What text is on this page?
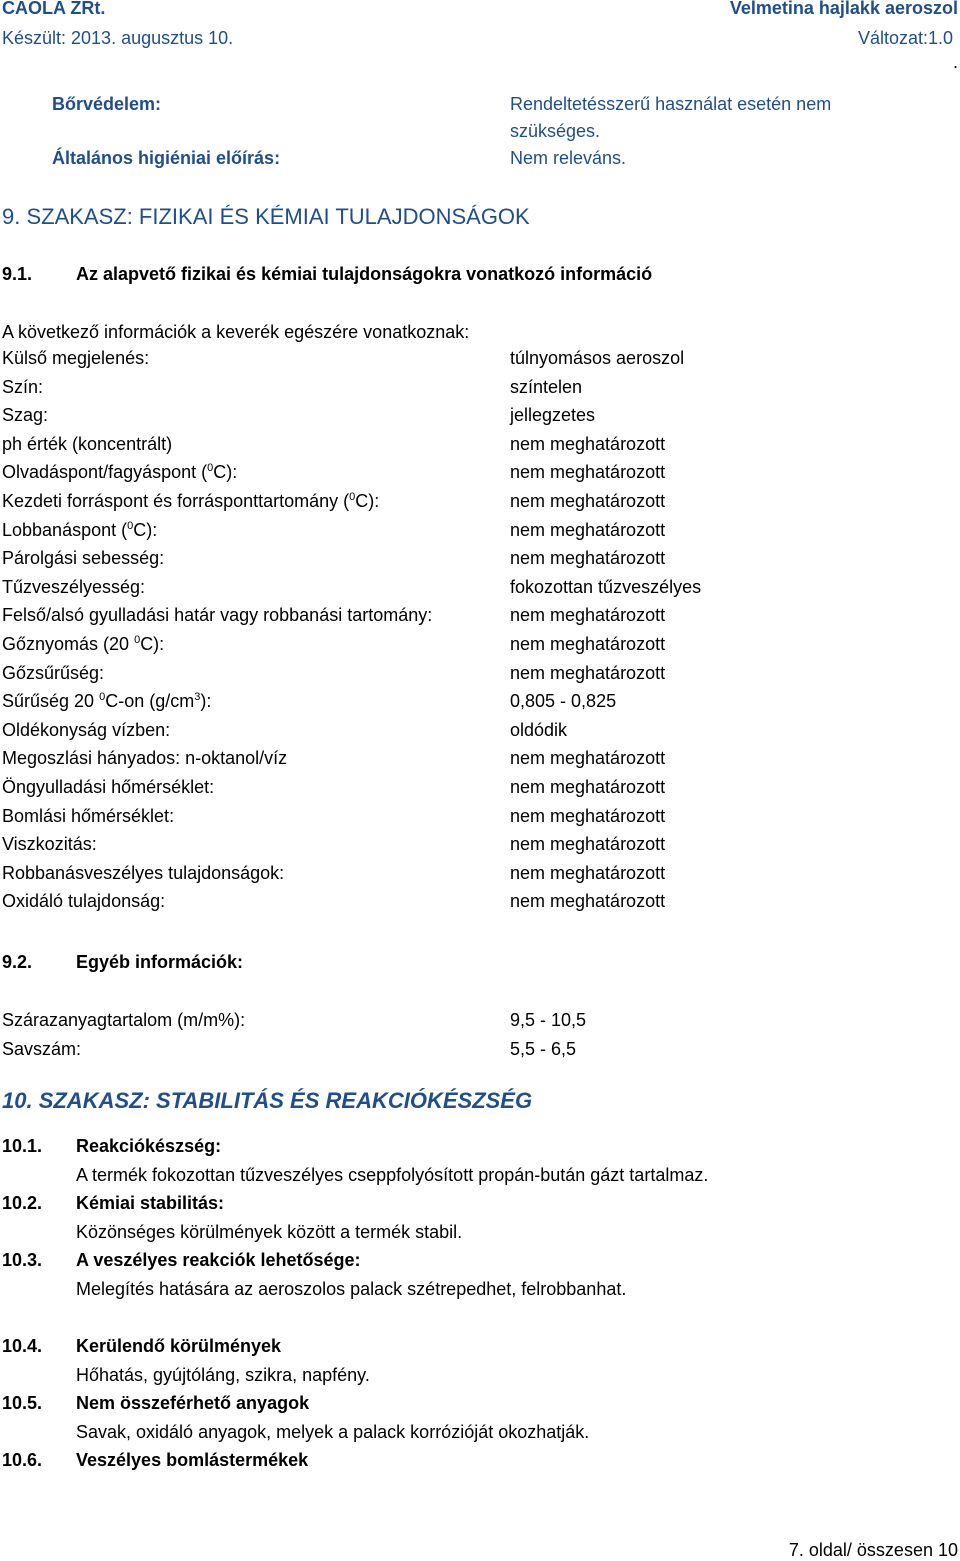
CAOLA ZRt.	Velmetina hajlakk aeroszol
Készült: 2013. augusztus 10.	Változat:1.0
.
Bőrvédelem:	Rendeltetésszerű használat esetén nem
szükséges.
Általános higiéniai előírás:	Nem releváns.
9. SZAKASZ: FIZIKAI ÉS KÉMIAI TULAJDONSÁGOK
9.1. Az alapvető fizikai és kémiai tulajdonságokra vonatkozó információ
A következő információk a keverék egészére vonatkoznak:
Külső megjelenés:	túlnyomásos aeroszol
Szín:	színtelen
Szag:	jellegzetes
ph érték (koncentrált)	nem meghatározott
Olvadáspont/fagyáspont ($^0$C):	nem meghatározott
Kezdeti forráspont és forrásponttartomány ($^0$C):	nem meghatározott
Lobbanáspont ($^0$C):	nem meghatározott
Párolgási sebesség:	nem meghatározott
Tűzveszélyesség:	fokozottan tűzveszélyes
Felső/alsó gyulladási határ vagy robbanási tartomány:	nem meghatározott
Gőznyomás (20 $^0$C):	nem meghatározott
Gőzsűrűség:	nem meghatározott
Sűrűség 20 $^0$C-on $(g/cm^3)$:	0,805 - 0,825
Oldékonyság vízben:	oldódik
Megoszlási hányados: n-oktanol/víz	nem meghatározott
Öngyulladási hőmérséklet:	nem meghatározott
Bomlási hőmérséklet:	nem meghatározott
Viszkozitás:	nem meghatározott
Robbanásveszélyes tulajdonságok:	nem meghatározott
Oxidáló tulajdonság:	nem meghatározott
9.2. Egyéb információk:
Szárazanyagtartalom (m/m%):	9,5 - 10,5
Savszám:	5,5 - 6,5
10. SZAKASZ: STABILITÁS ÉS REAKCIÓKÉSZSÉG
10.1. Reakciókészség:
A termék fokozottan tűzveszélyes cseppfolyósított propán-bután gázt tartalmaz.
10.2. Kémiai stabilitás:
Közönséges körülmények között a termék stabil.
10.3. A veszélyes reakciók lehetősége:
Melegítés hatására az aeroszolos palack szétrepedhet, felrobbanhat.
10.4. Kerülendő körülmények
Hőhatás, gyújtóláng, szikra, napfény.
10.5. Nem összeférhető anyagok
Savak, oxidáló anyagok, melyek a palack korrózióját okozhatják.
10.6. Veszélyes bomlástermékek
7. oldal/ összesen 10
